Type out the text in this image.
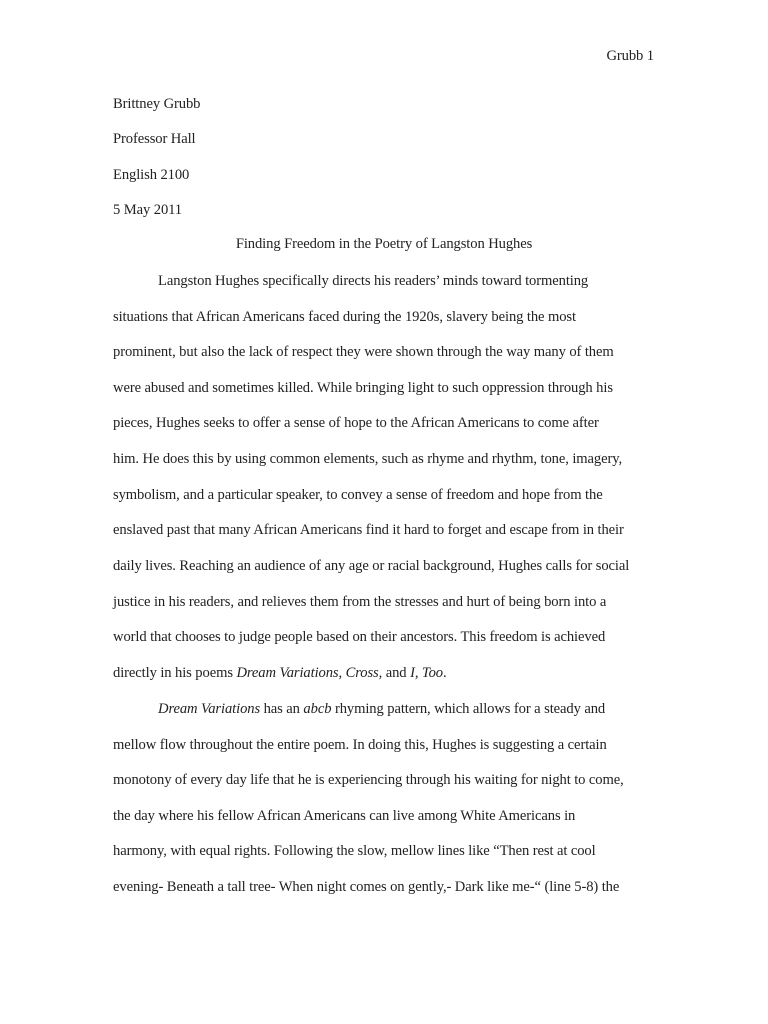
Grubb 1
Brittney Grubb
Professor Hall
English 2100
5 May 2011
Finding Freedom in the Poetry of Langston Hughes
Langston Hughes specifically directs his readers’ minds toward tormenting
situations that African Americans faced during the 1920s, slavery being the most
prominent, but also the lack of respect they were shown through the way many of them
were abused and sometimes killed. While bringing light to such oppression through his
pieces, Hughes seeks to offer a sense of hope to the African Americans to come after
him. He does this by using common elements, such as rhyme and rhythm, tone, imagery,
symbolism, and a particular speaker, to convey a sense of freedom and hope from the
enslaved past that many African Americans find it hard to forget and escape from in their
daily lives. Reaching an audience of any age or racial background, Hughes calls for social
justice in his readers, and relieves them from the stresses and hurt of being born into a
world that chooses to judge people based on their ancestors. This freedom is achieved
directly in his poems Dream Variations, Cross, and I, Too.
Dream Variations has an abcb rhyming pattern, which allows for a steady and
mellow flow throughout the entire poem. In doing this, Hughes is suggesting a certain
monotony of every day life that he is experiencing through his waiting for night to come,
the day where his fellow African Americans can live among White Americans in
harmony, with equal rights. Following the slow, mellow lines like “Then rest at cool
evening- Beneath a tall tree- When night comes on gently,- Dark like me-“ (line 5-8) the
